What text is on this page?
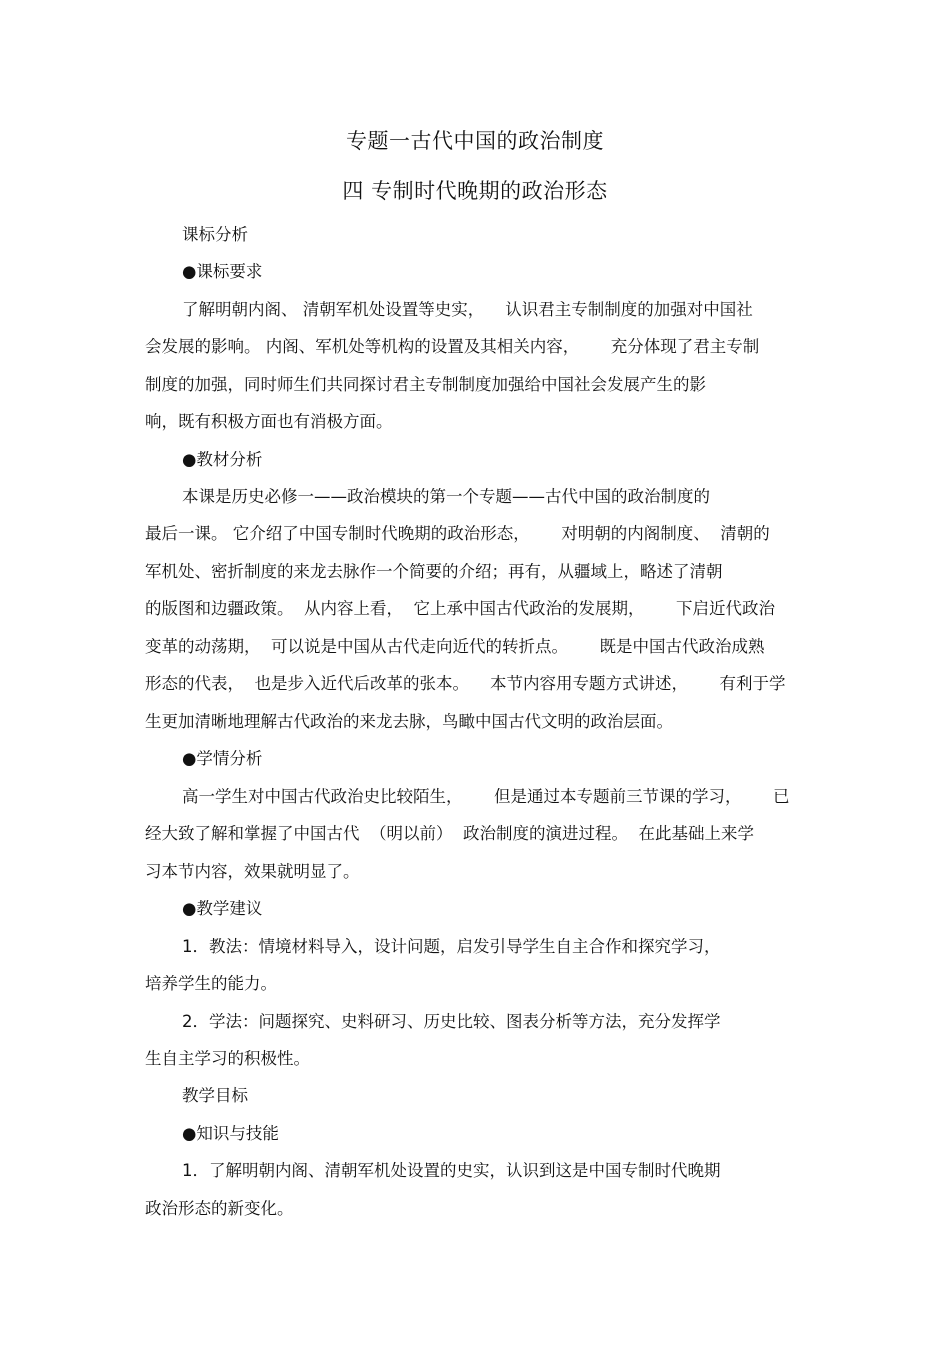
专题一古代中国的政治制度
四 专制时代晚期的政治形态
课标分析
●课标要求
了解明朝内阁、 清朝军机处设置等史实，    认识君主专制制度的加强对中国社
会发展的影响。 内阁、军机处等机构的设置及其相关内容，      充分体现了君主专制
制度的加强，同时师生们共同探讨君主专制制度加强给中国社会发展产生的影
响，既有积极方面也有消极方面。
●教材分析
本课是历史必修一——政治模块的第一个专题——古代中国的政治制度的
最后一课。 它介绍了中国专制时代晚期的政治形态，      对明朝的内阁制度、  清朝的
军机处、密折制度的来龙去脉作一个简要的介绍；再有，从疆域上，略述了清朝
的版图和边疆政策。  从内容上看，  它上承中国古代政治的发展期，      下启近代政治
变革的动荡期，  可以说是中国从古代走向近代的转折点。      既是中国古代政治成熟
形态的代表，  也是步入近代后改革的张本。    本节内容用专题方式讲述，      有利于学
生更加清晰地理解古代政治的来龙去脉，鸟瞰中国古代文明的政治层面。
●学情分析
高一学生对中国古代政治史比较陌生，      但是通过本专题前三节课的学习，      已
经大致了解和掌握了中国古代  （明以前）  政治制度的演进过程。  在此基础上来学
习本节内容，效果就明显了。
●教学建议
1．教法：情境材料导入，设计问题，启发引导学生自主合作和探究学习，
培养学生的能力。
2．学法：问题探究、史料研习、历史比较、图表分析等方法，充分发挥学
生自主学习的积极性。
教学目标
●知识与技能
1．了解明朝内阁、清朝军机处设置的史实，认识到这是中国专制时代晚期
政治形态的新变化。
